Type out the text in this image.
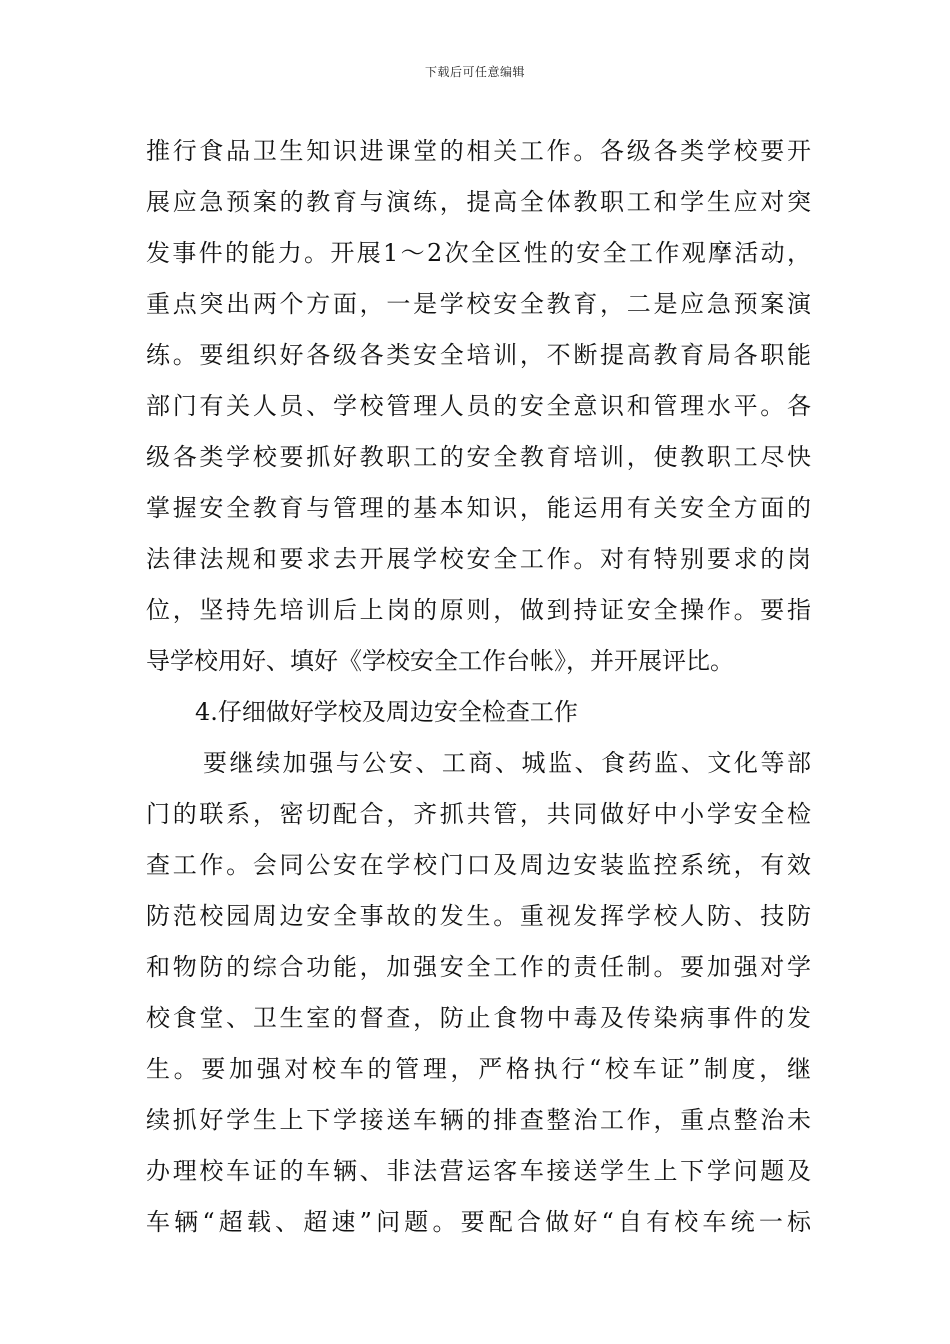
下载后可任意编辑
推行食品卫生知识进课堂的相关工作。各级各类学校要开
展应急预案的教育与演练，提高全体教职工和学生应对突
发事件的能力。开展1～2次全区性的安全工作观摩活动，
重点突出两个方面，一是学校安全教育，二是应急预案演
练。要组织好各级各类安全培训，不断提高教育局各职能
部门有关人员、学校管理人员的安全意识和管理水平。各
级各类学校要抓好教职工的安全教育培训，使教职工尽快
掌握安全教育与管理的基本知识，能运用有关安全方面的
法律法规和要求去开展学校安全工作。对有特别要求的岗
位，坚持先培训后上岗的原则，做到持证安全操作。要指
导学校用好、填好《学校安全工作台帐》，并开展评比。
4.仔细做好学校及周边安全检查工作
要继续加强与公安、工商、城监、食药监、文化等部
门的联系，密切配合，齐抓共管，共同做好中小学安全检
查工作。会同公安在学校门口及周边安装监控系统，有效
防范校园周边安全事故的发生。重视发挥学校人防、技防
和物防的综合功能，加强安全工作的责任制。要加强对学
校食堂、卫生室的督查，防止食物中毒及传染病事件的发
生。要加强对校车的管理，严格执行“校车证”制度，继
续抓好学生上下学接送车辆的排查整治工作，重点整治未
办理校车证的车辆、非法营运客车接送学生上下学问题及
车辆“超载、超速”问题。要配合做好“自有校车统一标
